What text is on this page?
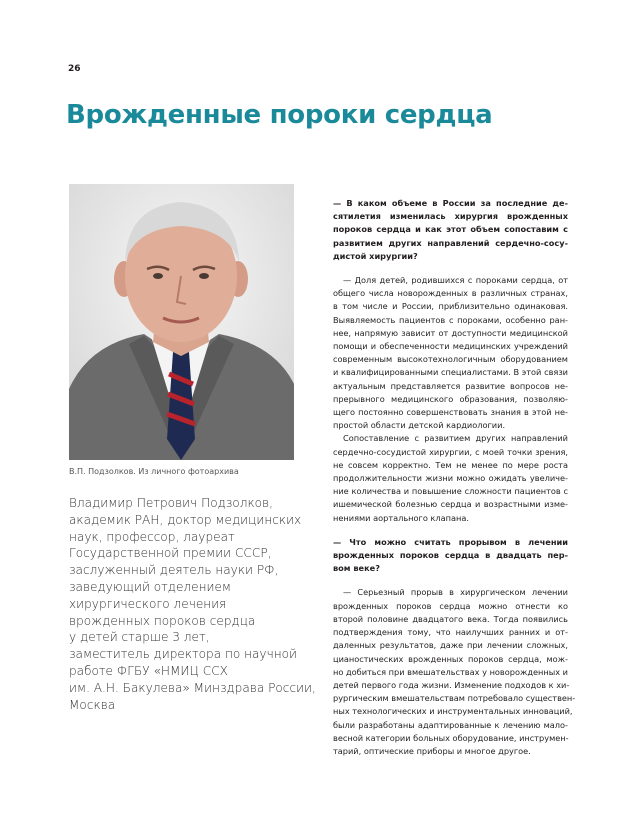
26
Врожденные пороки сердца
В.П. Подзолков. Из личного фотоархива
Владимир Петрович Подзолков,
академик РАН, доктор медицинских
наук, профессор, лауреат
Государственной премии СССР,
заслуженный деятель науки РФ,
заведующий отделением
хирургического лечения
врожденных пороков сердца
у детей старше 3 лет,
заместитель директора по научной
работе ФГБУ «НМИЦ ССХ
им. А.Н. Бакулева» Минздрава России,
Москва
— В каком объеме в России за последние де-
сятилетия изменилась хирургия врожденных
пороков сердца и как этот объем сопоставим с
развитием других направлений сердечно-сосу-
дистой хирургии?
— Доля детей, родившихся с пороками сердца, от
общего числа новорожденных в различных странах,
в том числе и России, приблизительно одинаковая.
Выявляемость пациентов с пороками, особенно ран-
нее, напрямую зависит от доступности медицинской
помощи и обеспеченности медицинских учреждений
современным высокотехнологичным оборудованием
и квалифицированными специалистами. В этой связи
актуальным представляется развитие вопросов не-
прерывного медицинского образования, позволяю-
щего постоянно совершенствовать знания в этой не-
простой области детской кардиологии.
Сопоставление с развитием других направлений
сердечно-сосудистой хирургии, с моей точки зрения,
не совсем корректно. Тем не менее по мере роста
продолжительности жизни можно ожидать увеличе-
ние количества и повышение сложности пациентов с
ишемической болезнью сердца и возрастными изме-
нениями аортального клапана.
— Что можно считать прорывом в лечении
врожденных пороков сердца в двадцать пер-
вом веке?
— Серьезный прорыв в хирургическом лечении
врожденных пороков сердца можно отнести ко
второй половине двадцатого века. Тогда появились
подтверждения тому, что наилучших ранних и от-
даленных результатов, даже при лечении сложных,
цианостических врожденных пороков сердца, мож-
но добиться при вмешательствах у новорожденных и
детей первого года жизни. Изменение подходов к хи-
рургическим вмешательствам потребовало существен-
ных технологических и инструментальных инноваций,
были разработаны адаптированные к лечению мало-
весной категории больных оборудование, инструмен-
тарий, оптические приборы и многое другое.
